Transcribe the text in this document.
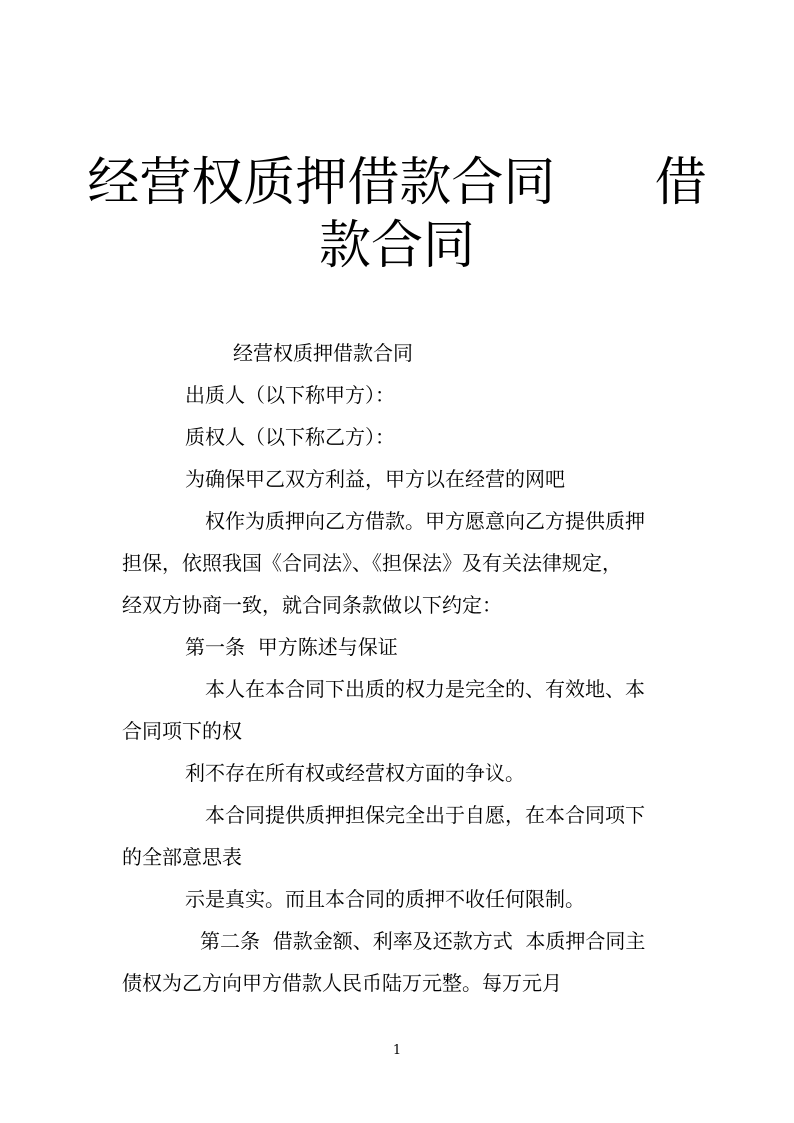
经营权质押借款合同      借
款合同

经营权质押借款合同

出质人（以下称甲方）：

质权人（以下称乙方）：

为确保甲乙双方利益，甲方以在经营的网吧

权作为质押向乙方借款。甲方愿意向乙方提供质押

担保，依照我国《合同法》、《担保法》及有关法律规定，

经双方协商一致，就合同条款做以下约定：

第一条  甲方陈述与保证

本人在本合同下出质的权力是完全的、有效地、本

合同项下的权

利不存在所有权或经营权方面的争议。

本合同提供质押担保完全出于自愿，在本合同项下

的全部意思表

示是真实。而且本合同的质押不收任何限制。

第二条  借款金额、利率及还款方式  本质押合同主

债权为乙方向甲方借款人民币陆万元整。每万元月

1
